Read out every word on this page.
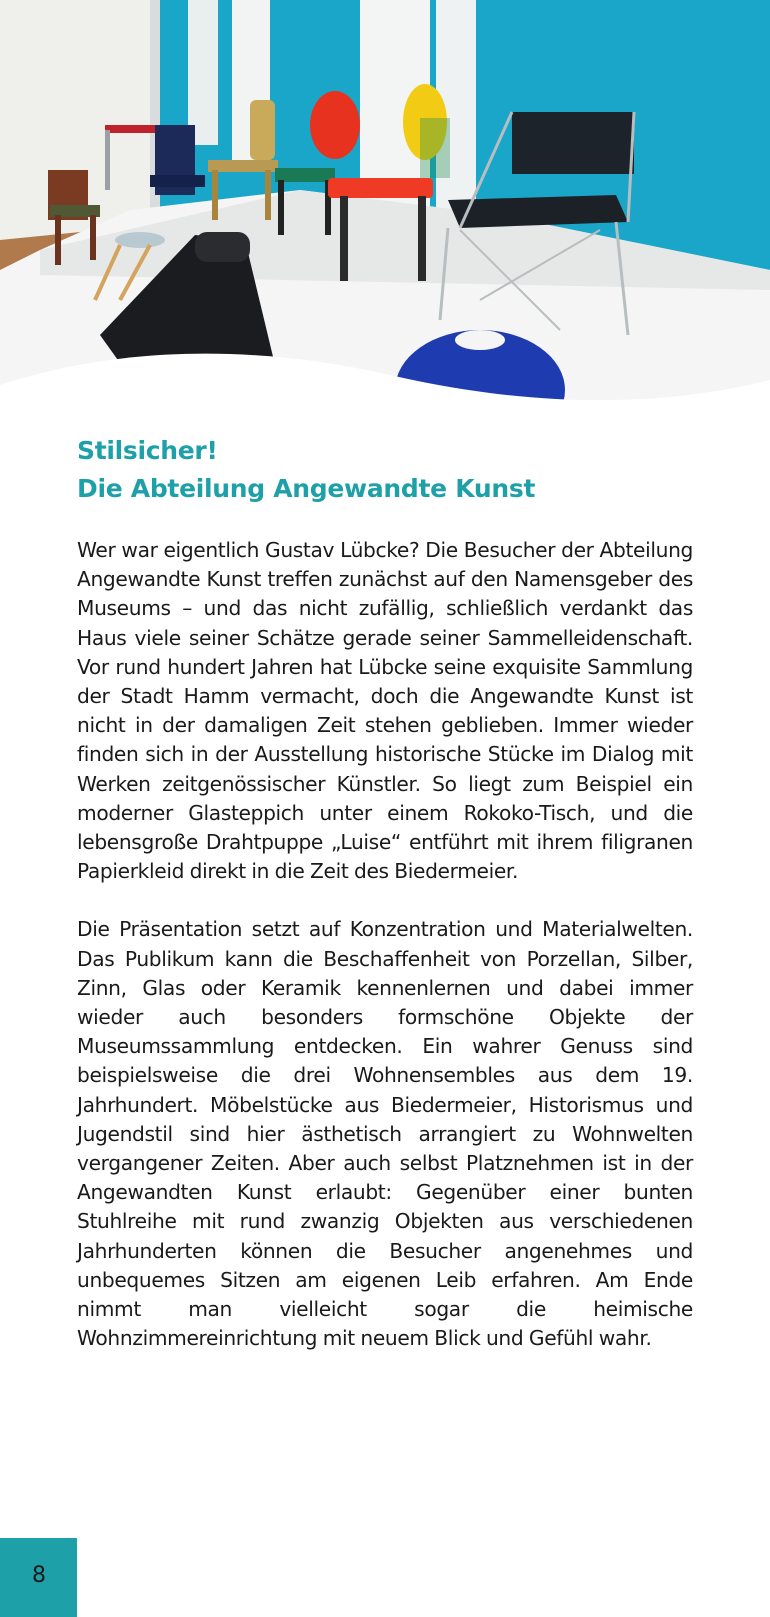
Stilsicher!
Die Abteilung Angewandte Kunst

Wer war eigentlich Gustav Lübcke? Die Besucher der Abteilung Angewandte Kunst treffen zunächst auf den Namensgeber des Museums – und das nicht zufällig, schließlich verdankt das Haus viele seiner Schätze gerade seiner Sammelleidenschaft. Vor rund hundert Jahren hat Lübcke seine exquisite Sammlung der Stadt Hamm vermacht, doch die Angewandte Kunst ist nicht in der damaligen Zeit stehen geblieben. Immer wieder finden sich in der Ausstellung historische Stücke im Dialog mit Werken zeitgenössischer Künstler. So liegt zum Beispiel ein moderner Glasteppich unter einem Rokoko-Tisch, und die lebensgroße Drahtpuppe „Luise“ entführt mit ihrem filigranen Papierkleid direkt in die Zeit des Biedermeier.

Die Präsentation setzt auf Konzentration und Materialwelten. Das Publikum kann die Beschaffenheit von Porzellan, Silber, Zinn, Glas oder Keramik kennenlernen und dabei immer wieder auch besonders formschöne Objekte der Museumssammlung entdecken. Ein wahrer Genuss sind beispielsweise die drei Wohnensembles aus dem 19. Jahrhundert. Möbelstücke aus Biedermeier, Historismus und Jugendstil sind hier ästhetisch arrangiert zu Wohnwelten vergangener Zeiten. Aber auch selbst Platznehmen ist in der Angewandten Kunst erlaubt: Gegenüber einer bunten Stuhlreihe mit rund zwanzig Objekten aus verschiedenen Jahrhunderten können die Besucher angenehmes und unbequemes Sitzen am eigenen Leib erfahren. Am Ende nimmt man vielleicht sogar die heimische Wohnzimmereinrichtung mit neuem Blick und Gefühl wahr.

8
